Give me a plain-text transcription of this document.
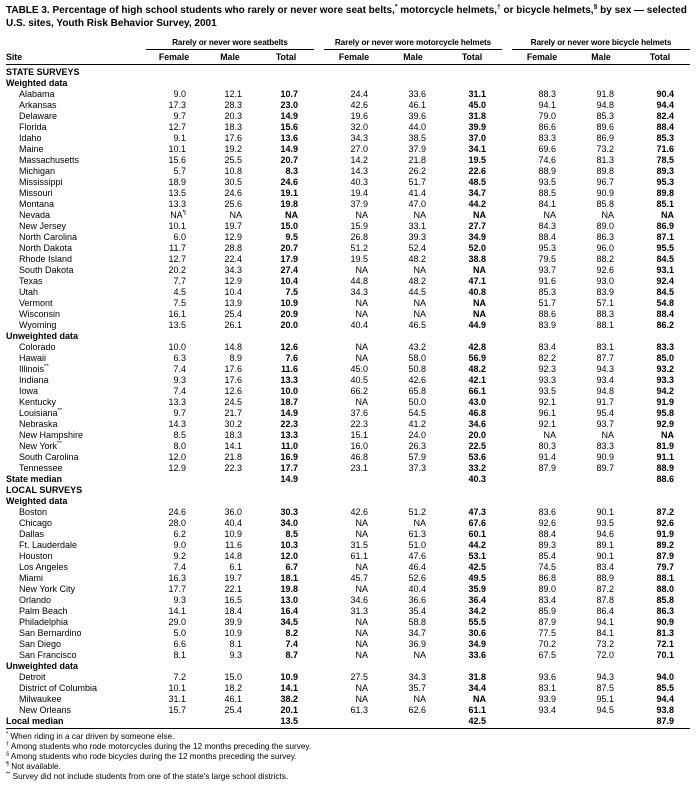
TABLE 3. Percentage of high school students who rarely or never wore seat belts,* motorcycle helmets,† or bicycle helmets,§ by sex — selected U.S. sites, Youth Risk Behavior Survey, 2001
	Rarely or never wore seatbelts				Rarely or never wore motorcycle helmets				Rarely or never wore bicycle helmets		
Site	Female	Male	Total		Female	Male	Total		Female	Male	Total
STATE SURVEYS											
Weighted data											
Alabama	9.0	12.1	10.7		24.4	33.6	31.1		88.3	91.8	90.4
Arkansas	17.3	28.3	23.0		42.6	46.1	45.0		94.1	94.8	94.4
Delaware	9.7	20.3	14.9		19.6	39.6	31.8		79.0	85.3	82.4
Florida	12.7	18.3	15.6		32.0	44.0	39.9		86.6	89.6	88.4
Idaho	9.1	17.6	13.6		34.3	38.5	37.0		83.3	86.9	85.3
Maine	10.1	19.2	14.9		27.0	37.9	34.1		69.6	73.2	71.6
Massachusetts	15.6	25.5	20.7		14.2	21.8	19.5		74.6	81.3	78.5
Michigan	5.7	10.8	8.3		14.3	26.2	22.6		88.9	89.8	89.3
Mississippi	18.9	30.5	24.6		40.3	51.7	48.5		93.5	96.7	95.3
Missouri	13.5	24.6	19.1		19.4	41.4	34.7		88.5	90.9	89.8
Montana	13.3	25.6	19.8		37.9	47.0	44.2		84.1	85.8	85.1
Nevada	NA¶	NA	NA		NA	NA	NA		NA	NA	NA
New Jersey	10.1	19.7	15.0		15.9	33.1	27.7		84.3	89.0	86.9
North Carolina	6.0	12.9	9.5		26.8	39.3	34.9		88.4	86.3	87.1
North Dakota	11.7	28.8	20.7		51.2	52.4	52.0		95.3	96.0	95.5
Rhode Island	12.7	22.4	17.9		19.5	48.2	38.8		79.5	88.2	84.5
South Dakota	20.2	34.3	27.4		NA	NA	NA		93.7	92.6	93.1
Texas	7.7	12.9	10.4		44.8	48.2	47.1		91.6	93.0	92.4
Utah	4.5	10.4	7.5		34.3	44.5	40.8		85.3	83.9	84.5
Vermont	7.5	13.9	10.9		NA	NA	NA		51.7	57.1	54.8
Wisconsin	16.1	25.4	20.9		NA	NA	NA		88.6	88.3	88.4
Wyoming	13.5	26.1	20.0		40.4	46.5	44.9		83.9	88.1	86.2
Unweighted data											
Colorado	10.0	14.8	12.6		NA	43.2	42.8		83.4	83.1	83.3
Hawaii	6.3	8.9	7.6		NA	58.0	56.9		82.2	87.7	85.0
Illinois**	7.4	17.6	11.6		45.0	50.8	48.2		92.3	94.3	93.2
Indiana	9.3	17.6	13.3		40.5	42.6	42.1		93.3	93.4	93.3
Iowa	7.4	12.6	10.0		66.2	65.8	66.1		93.5	94.8	94.2
Kentucky	13.3	24.5	18.7		NA	50.0	43.0		92.1	91.7	91.9
Louisiana**	9.7	21.7	14.9		37.6	54.5	46.8		96.1	95.4	95.8
Nebraska	14.3	30.2	22.3		22.3	41.2	34.6		92.1	93.7	92.9
New Hampshire	8.5	18.3	13.3		15.1	24.0	20.0		NA	NA	NA
New York**	8.0	14.1	11.0		16.0	26.3	22.5		80.3	83.3	81.9
South Carolina	12.0	21.8	16.9		46.8	57.9	53.6		91.4	90.9	91.1
Tennessee	12.9	22.3	17.7		23.1	37.3	33.2		87.9	89.7	88.9
State median			14.9				40.3				88.6
LOCAL SURVEYS											
Weighted data											
Boston	24.6	36.0	30.3		42.6	51.2	47.3		83.6	90.1	87.2
Chicago	28.0	40.4	34.0		NA	NA	67.6		92.6	93.5	92.6
Dallas	6.2	10.9	8.5		NA	61.3	60.1		88.4	94.6	91.9
Ft. Lauderdale	9.0	11.6	10.3		31.5	51.0	44.2		89.3	89.1	89.2
Houston	9.2	14.8	12.0		61.1	47.6	53.1		85.4	90.1	87.9
Los Angeles	7.4	6.1	6.7		NA	46.4	42.5		74.5	83.4	79.7
Miami	16.3	19.7	18.1		45.7	52.6	49.5		86.8	88.9	88.1
New York City	17.7	22.1	19.8		NA	40.4	35.9		89.0	87.2	88.0
Orlando	9.3	16.5	13.0		34.6	36.6	36.4		83.4	87.8	85.8
Palm Beach	14.1	18.4	16.4		31.3	35.4	34.2		85.9	86.4	86.3
Philadelphia	29.0	39.9	34.5		NA	58.8	55.5		87.9	94.1	90.9
San Bernardino	5.0	10.9	8.2		NA	34.7	30.6		77.5	84.1	81.3
San Diego	6.6	8.1	7.4		NA	36.9	34.9		70.2	73.2	72.1
San Francisco	8.1	9.3	8.7		NA	NA	33.6		67.5	72.0	70.1
Unweighted data											
Detroit	7.2	15.0	10.9		27.5	34.3	31.8		93.6	94.3	94.0
District of Columbia	10.1	18.2	14.1		NA	35.7	34.4		83.1	87.5	85.5
Milwaukee	31.1	46.1	38.2		NA	NA	NA		93.9	95.1	94.4
New Orleans	15.7	25.4	20.1		61.3	62.6	61.1		93.4	94.5	93.8
Local median			13.5				42.5				87.9
* When riding in a car driven by someone else.
† Among students who rode motorcycles during the 12 months preceding the survey.
§ Among students who rode bicycles during the 12 months preceding the survey.
¶ Not available.
** Survey did not include students from one of the state's large school districts.
